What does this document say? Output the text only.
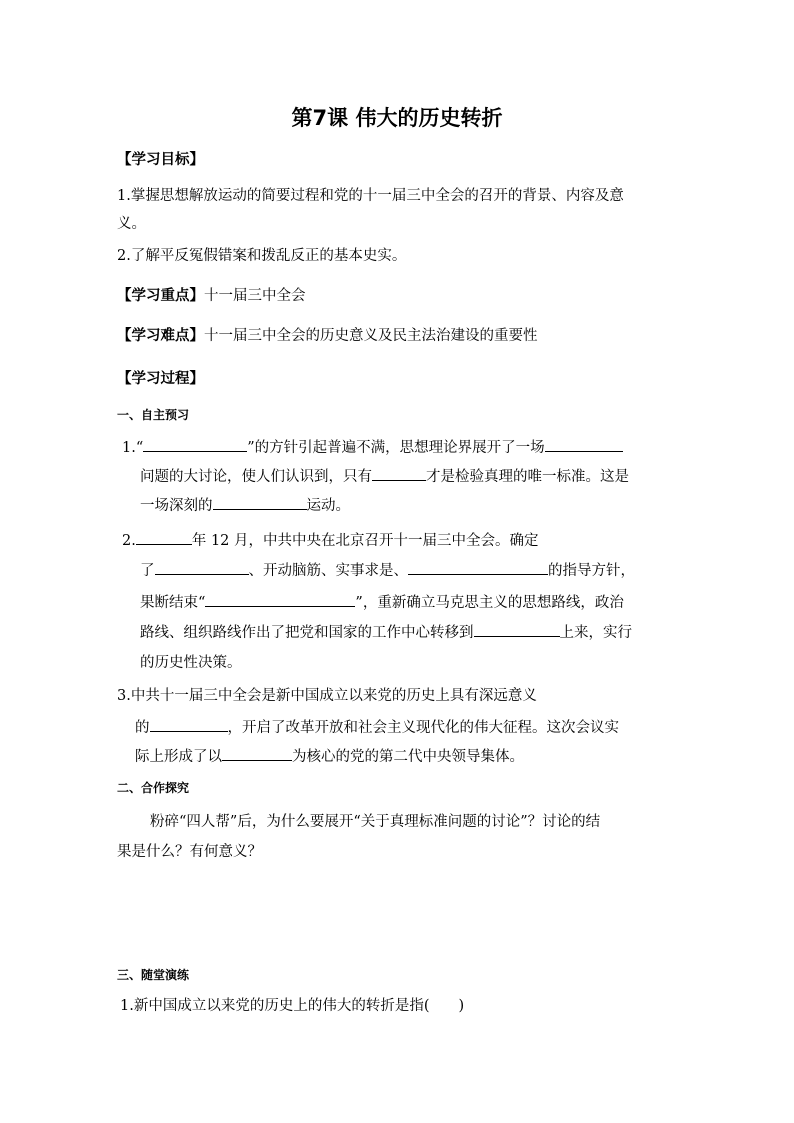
第7课 伟大的历史转折
【学习目标】
1.掌握思想解放运动的简要过程和党的十一届三中全会的召开的背景、内容及意
义。
2.了解平反冤假错案和拨乱反正的基本史实。
【学习重点】十一届三中全会
【学习难点】十一届三中全会的历史意义及民主法治建设的重要性
【学习过程】
一、自主预习
1.“	”的方针引起普遍不满，思想理论界展开了一场
问题的大讨论，使人们认识到，只有	才是检验真理的唯一标准。这是
一场深刻的	运动。
2.	年 12 月，中共中央在北京召开十一届三中全会。确定
了	、开动脑筋、实事求是、	的指导方针，
果断结束“	”，重新确立马克思主义的思想路线，政治
路线、组织路线作出了把党和国家的工作中心转移到	上来，实行
的历史性决策。
3.中共十一届三中全会是新中国成立以来党的历史上具有深远意义
的	，开启了改革开放和社会主义现代化的伟大征程。这次会议实
际上形成了以	为核心的党的第二代中央领导集体。
二、合作探究
粉碎“四人帮”后，为什么要展开“关于真理标准问题的讨论”？讨论的结
果是什么？有何意义？
三、随堂演练
1.新中国成立以来党的历史上的伟大的转折是指(　　)
